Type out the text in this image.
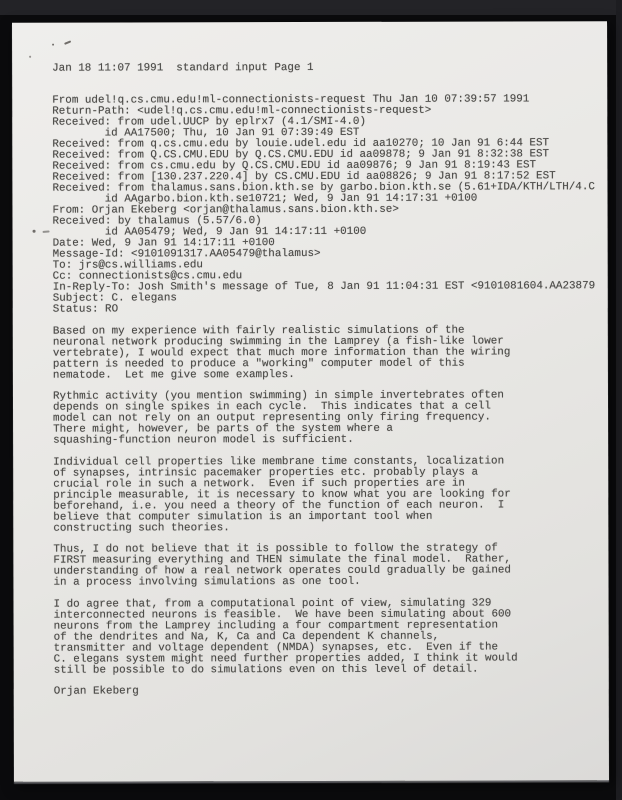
Jan 18 11:07 1991  standard input Page 1
From udel!q.cs.cmu.edu!ml-connectionists-request Thu Jan 10 07:39:57 1991
Return-Path: <udel!q.cs.cmu.edu!ml-connectionists-request>
Received: from udel.UUCP by eplrx7 (4.1/SMI-4.0)
id AA17500; Thu, 10 Jan 91 07:39:49 EST
Received: from q.cs.cmu.edu by louie.udel.edu id aa10270; 10 Jan 91 6:44 EST
Received: from Q.CS.CMU.EDU by Q.CS.CMU.EDU id aa09878; 9 Jan 91 8:32:38 EST
Received: from cs.cmu.edu by Q.CS.CMU.EDU id aa09876; 9 Jan 91 8:19:43 EST
Received: from [130.237.220.4] by CS.CMU.EDU id aa08826; 9 Jan 91 8:17:52 EST
Received: from thalamus.sans.bion.kth.se by garbo.bion.kth.se (5.61+IDA/KTH/LTH/4.C
id AAgarbo.bion.kth.se10721; Wed, 9 Jan 91 14:17:31 +0100
From: Orjan Ekeberg <orjan@thalamus.sans.bion.kth.se>
Received: by thalamus (5.57/6.0)
id AA05479; Wed, 9 Jan 91 14:17:11 +0100
Date: Wed, 9 Jan 91 14:17:11 +0100
Message-Id: <9101091317.AA05479@thalamus>
To: jrs@cs.williams.edu
Cc: connectionists@cs.cmu.edu
In-Reply-To: Josh Smith's message of Tue, 8 Jan 91 11:04:31 EST <9101081604.AA23879
Subject: C. elegans
Status: RO
Based on my experience with fairly realistic simulations of the
neuronal network producing swimming in the Lamprey (a fish-like lower
vertebrate), I would expect that much more information than the wiring
pattern is needed to produce a "working" computer model of this
nematode.  Let me give some examples.
Rythmic activity (you mention swimming) in simple invertebrates often
depends on single spikes in each cycle.  This indicates that a cell
model can not rely on an output representing only firing frequency.
There might, however, be parts of the system where a
squashing-function neuron model is sufficient.
Individual cell properties like membrane time constants, localization
of synapses, intrinsic pacemaker properties etc. probably plays a
crucial role in such a network.  Even if such properties are in
principle measurable, it is necessary to know what you are looking for
beforehand, i.e. you need a theory of the function of each neuron.  I
believe that computer simulation is an important tool when
constructing such theories.
Thus, I do not believe that it is possible to follow the strategy of
FIRST measuring everything and THEN simulate the final model.  Rather,
understanding of how a real network operates could gradually be gained
in a process involving simulations as one tool.
I do agree that, from a computational point of view, simulating 329
interconnected neurons is feasible.  We have been simulating about 600
neurons from the Lamprey including a four compartment representation
of the dendrites and Na, K, Ca and Ca dependent K channels,
transmitter and voltage dependent (NMDA) synapses, etc.  Even if the
C. elegans system might need further properties added, I think it would
still be possible to do simulations even on this level of detail.
Orjan Ekeberg
